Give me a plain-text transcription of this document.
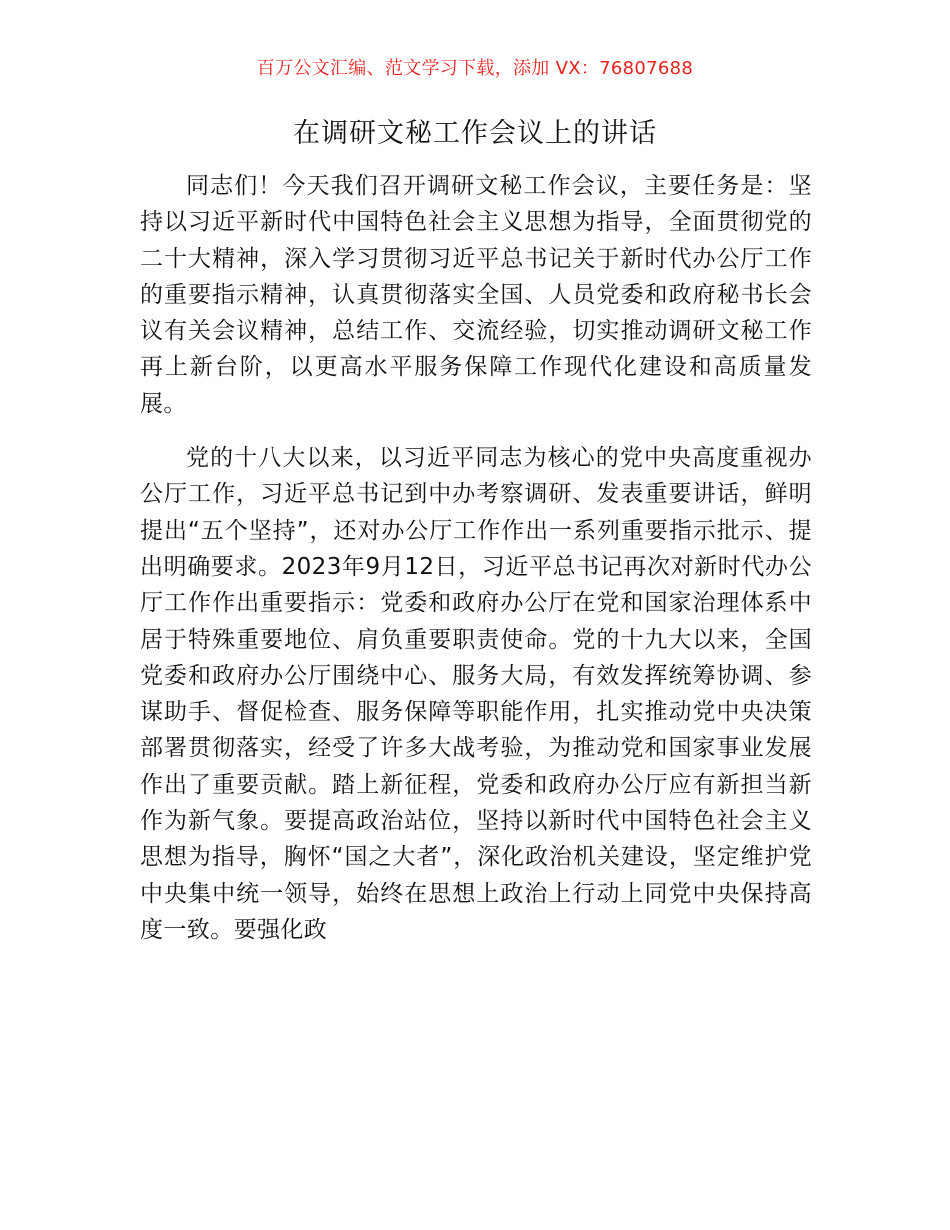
百万公文汇编、范文学习下载，添加 VX：76807688
在调研文秘工作会议上的讲话

同志们！今天我们召开调研文秘工作会议，主要任务是：坚持以习近平新时代中国特色社会主义思想为指导，全面贯彻党的二十大精神，深入学习贯彻习近平总书记关于新时代办公厅工作的重要指示精神，认真贯彻落实全国、人员党委和政府秘书长会议有关会议精神，总结工作、交流经验，切实推动调研文秘工作再上新台阶，以更高水平服务保障工作现代化建设和高质量发展。

党的十八大以来，以习近平同志为核心的党中央高度重视办公厅工作，习近平总书记到中办考察调研、发表重要讲话，鲜明提出“五个坚持”，还对办公厅工作作出一系列重要指示批示、提出明确要求。2023年9月12日，习近平总书记再次对新时代办公厅工作作出重要指示：党委和政府办公厅在党和国家治理体系中居于特殊重要地位、肩负重要职责使命。党的十九大以来，全国党委和政府办公厅围绕中心、服务大局，有效发挥统筹协调、参谋助手、督促检查、服务保障等职能作用，扎实推动党中央决策部署贯彻落实，经受了许多大战考验，为推动党和国家事业发展作出了重要贡献。踏上新征程，党委和政府办公厅应有新担当新作为新气象。要提高政治站位，坚持以新时代中国特色社会主义思想为指导，胸怀“国之大者”，深化政治机关建设，坚定维护党中央集中统一领导，始终在思想上政治上行动上同党中央保持高度一致。要强化政
